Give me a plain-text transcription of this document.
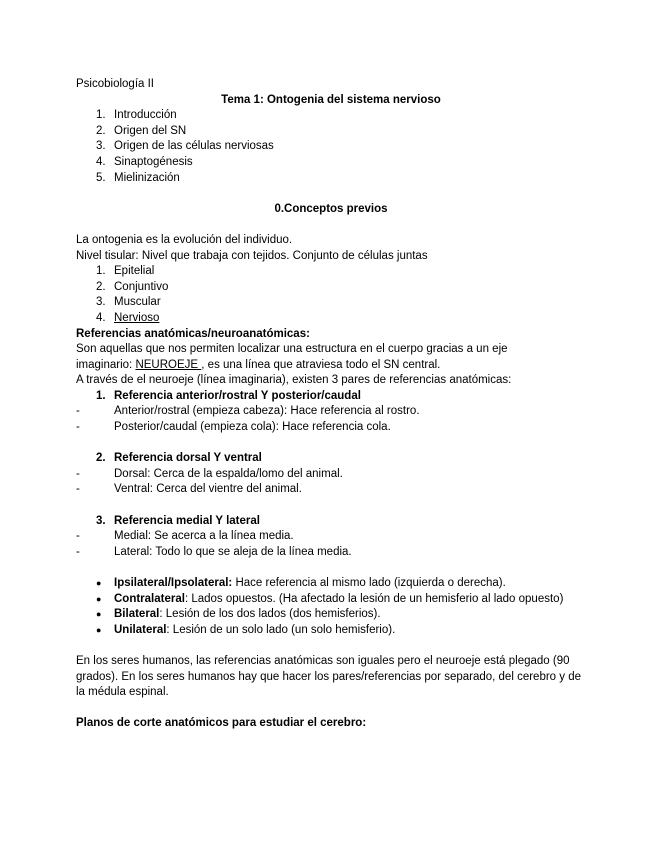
Psicobiología II
Tema 1: Ontogenia del sistema nervioso
1. Introducción
2. Origen del SN
3. Origen de las células nerviosas
4. Sinaptogénesis
5. Mielinización
0.Conceptos previos
La ontogenia es la evolución del individuo.
Nivel tisular: Nivel que trabaja con tejidos. Conjunto de células juntas
1. Epitelial
2. Conjuntivo
3. Muscular
4. Nervioso
Referencias anatómicas/neuroanatómicas:
Son aquellas que nos permiten localizar una estructura en el cuerpo gracias a un eje
imaginario: NEUROEJE , es una línea que atraviesa todo el SN central.
A través de el neuroeje (línea imaginaria), existen 3 pares de referencias anatómicas:
1. Referencia anterior/rostral Y posterior/caudal
-	Anterior/rostral (empieza cabeza): Hace referencia al rostro.
-	Posterior/caudal (empieza cola): Hace referencia cola.
2. Referencia dorsal Y ventral
-	Dorsal: Cerca de la espalda/lomo del animal.
-	Ventral: Cerca del vientre del animal.
3. Referencia medial Y lateral
-	Medial: Se acerca a la línea media.
-	Lateral: Todo lo que se aleja de la línea media.
●	Ipsilateral/Ipsolateral: Hace referencia al mismo lado (izquierda o derecha).
●	Contralateral: Lados opuestos. (Ha afectado la lesión de un hemisferio al lado opuesto)
●	Bilateral: Lesión de los dos lados (dos hemisferios).
●	Unilateral: Lesión de un solo lado (un solo hemisferio).
En los seres humanos, las referencias anatómicas son iguales pero el neuroeje está plegado (90 grados). En los seres humanos hay que hacer los pares/referencias por separado, del cerebro y de la médula espinal.
Planos de corte anatómicos para estudiar el cerebro:
